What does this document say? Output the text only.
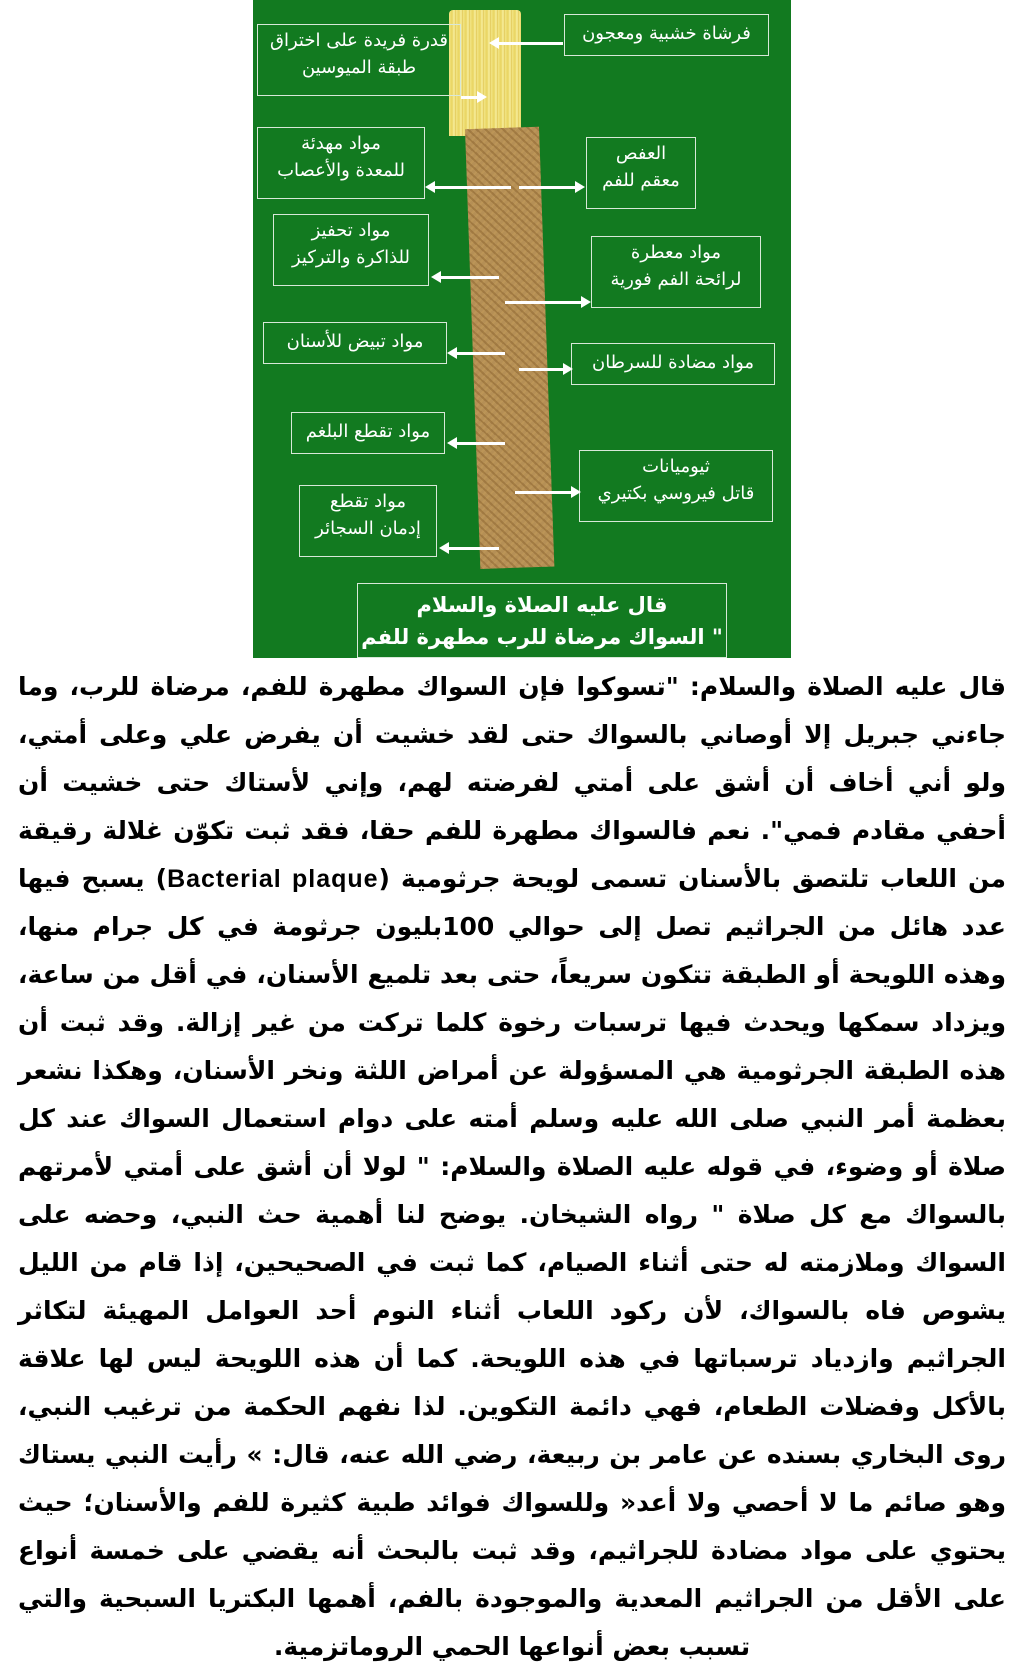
فرشاة خشبية ومعجون
قدرة فريدة على اختراق
طبقة الميوسين
مواد مهدئة
للمعدة والأعصاب
العفص
معقم للفم
مواد تحفيز
للذاكرة والتركيز	مواد معطرة
لرائحة الفم فورية
مواد تبيض للأسنان
مواد مضادة للسرطان
مواد تقطع البلغم
ثيوميانات
قاتل فيروسي بكتيري
مواد تقطع
إدمان السجائر
قال عليه الصلاة والسلام
" السواك مرضاة للرب مطهرة للفم

قال عليه الصلاة والسلام: "تسوكوا فإن السواك مطهرة للفم، مرضاة للرب، وما جاءني جبريل إلا أوصاني بالسواك حتى لقد خشيت أن يفرض علي وعلى أمتي، ولو أني أخاف أن أشق على أمتي لفرضته لهم، وإني لأستاك حتى خشيت أن أحفي مقادم فمي". نعم فالسواك مطهرة للفم حقا، فقد ثبت تكوّن غلالة رقيقة من اللعاب تلتصق بالأسنان تسمى لويحة جرثومية (Bacterial plaque) يسبح فيها عدد هائل من الجراثيم تصل إلى حوالي 100بليون جرثومة في كل جرام منها، وهذه اللويحة أو الطبقة تتكون سريعاً، حتى بعد تلميع الأسنان، في أقل من ساعة، ويزداد سمكها ويحدث فيها ترسبات رخوة كلما تركت من غير إزالة. وقد ثبت أن هذه الطبقة الجرثومية هي المسؤولة عن أمراض اللثة ونخر الأسنان، وهكذا نشعر بعظمة أمر النبي صلى الله عليه وسلم أمته على دوام استعمال السواك عند كل صلاة أو وضوء، في قوله عليه الصلاة والسلام: " لولا أن أشق على أمتي لأمرتهم بالسواك مع كل صلاة " رواه الشيخان. يوضح لنا أهمية حث النبي، وحضه على السواك وملازمته له حتى أثناء الصيام، كما ثبت في الصحيحين، إذا قام من الليل يشوص فاه بالسواك، لأن ركود اللعاب أثناء النوم أحد العوامل المهيئة لتكاثر الجراثيم وازدياد ترسباتها في هذه اللويحة. كما أن هذه اللويحة ليس لها علاقة بالأكل وفضلات الطعام، فهي دائمة التكوين. لذا نفهم الحكمة من ترغيب النبي، روى البخاري بسنده عن عامر بن ربيعة، رضي الله عنه، قال: » رأيت النبي يستاك وهو صائم ما لا أحصي ولا أعد« وللسواك فوائد طبية كثيرة للفم والأسنان؛ حيث يحتوي على مواد مضادة للجراثيم، وقد ثبت بالبحث أنه يقضي على خمسة أنواع على الأقل من الجراثيم المعدية والموجودة بالفم، أهمها البكتريا السبحية والتي تسبب بعض أنواعها الحمي الروماتزمية.
